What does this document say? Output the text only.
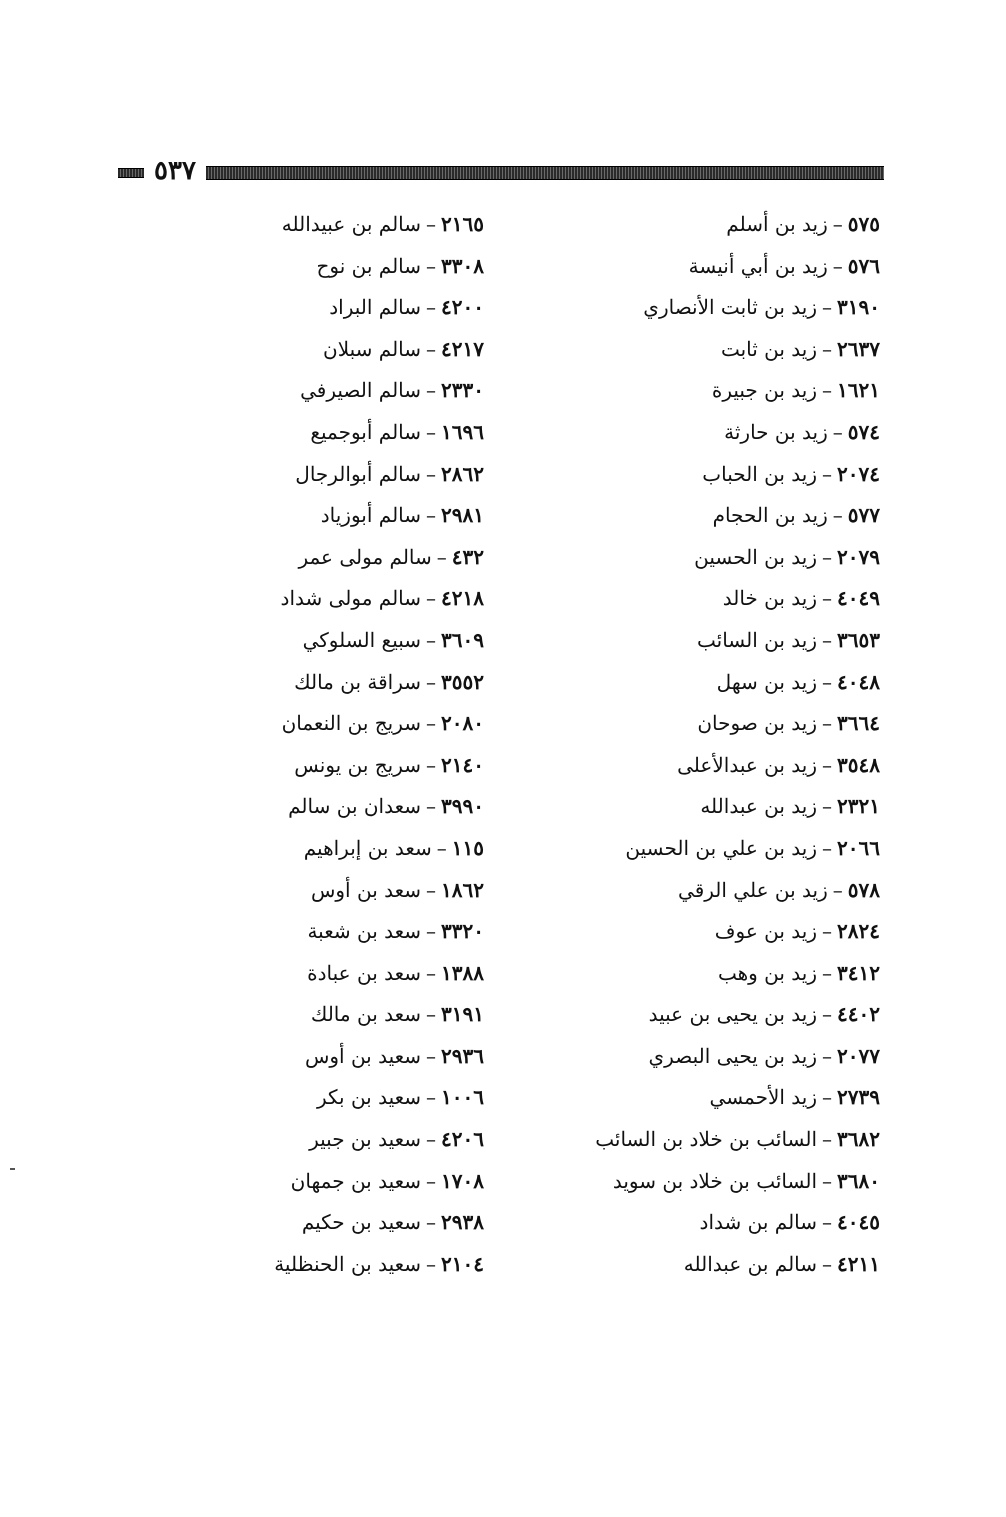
٥٣٧
٥٧٥–زيد بن أسلم
٥٧٦–زيد بن أبي أنيسة
٣١٩٠–زيد بن ثابت الأنصاري
٢٦٣٧–زيد بن ثابت
١٦٢١–زيد بن جبيرة
٥٧٤–زيد بن حارثة
٢٠٧٤–زيد بن الحباب
٥٧٧–زيد بن الحجام
٢٠٧٩–زيد بن الحسين
٤٠٤٩–زيد بن خالد
٣٦٥٣–زيد بن السائب
٤٠٤٨–زيد بن سهل
٣٦٦٤–زيد بن صوحان
٣٥٤٨–زيد بن عبدالأعلى
٢٣٢١–زيد بن عبدالله
٢٠٦٦–زيد بن علي بن الحسين
٥٧٨–زيد بن علي الرقي
٢٨٢٤–زيد بن عوف
٣٤١٢–زيد بن وهب
٤٤٠٢–زيد بن يحيى بن عبيد
٢٠٧٧–زيد بن يحيى البصري
٢٧٣٩–زيد الأحمسي
٣٦٨٢–السائب بن خلاد بن السائب
٣٦٨٠–السائب بن خلاد بن سويد
٤٠٤٥–سالم بن شداد
٤٢١١–سالم بن عبدالله
٢١٦٥–سالم بن عبيدالله
٣٣٠٨–سالم بن نوح
٤٢٠٠–سالم البراد
٤٢١٧–سالم سبلان
٢٣٣٠–سالم الصيرفي
١٦٩٦–سالم أبوجميع
٢٨٦٢–سالم أبوالرجال
٢٩٨١–سالم أبوزياد
٤٣٢–سالم مولى عمر
٤٢١٨–سالم مولى شداد
٣٦٠٩–سبيع السلوكي
٣٥٥٢–سراقة بن مالك
٢٠٨٠–سريج بن النعمان
٢١٤٠–سريج بن يونس
٣٩٩٠–سعدان بن سالم
١١٥–سعد بن إبراهيم
١٨٦٢–سعد بن أوس
٣٣٢٠–سعد بن شعبة
١٣٨٨–سعد بن عبادة
٣١٩١–سعد بن مالك
٢٩٣٦–سعيد بن أوس
١٠٠٦–سعيد بن بكر
٤٢٠٦–سعيد بن جبير
١٧٠٨–سعيد بن جمهان
٢٩٣٨–سعيد بن حكيم
٢١٠٤–سعيد بن الحنظلية
